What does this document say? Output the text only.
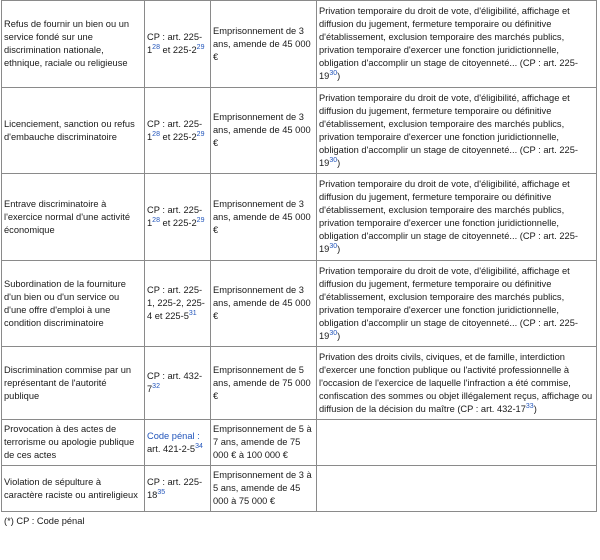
Refus de fournir un bien ou un service fondé sur une discrimination nationale, ethnique, raciale ou religieuse	CP : art. 225-1$^{28}$ et 225-2$^{29}$	Emprisonnement de 3 ans, amende de 45 000 €	Privation temporaire du droit de vote, d'éligibilité, affichage et diffusion du jugement, fermeture temporaire ou définitive d'établissement, exclusion temporaire des marchés publics, privation temporaire d'exercer une fonction juridictionnelle, obligation d'accomplir un stage de citoyenneté... (CP : art. 225-19$^{30}$)
Licenciement, sanction ou refus d'embauche discriminatoire	CP : art. 225-1$^{28}$ et 225-2$^{29}$	Emprisonnement de 3 ans, amende de 45 000 €	Privation temporaire du droit de vote, d'éligibilité, affichage et diffusion du jugement, fermeture temporaire ou définitive d'établissement, exclusion temporaire des marchés publics, privation temporaire d'exercer une fonction juridictionnelle, obligation d'accomplir un stage de citoyenneté... (CP : art. 225-19$^{30}$)
Entrave discriminatoire à l'exercice normal d'une activité économique	CP : art. 225-1$^{28}$ et 225-2$^{29}$	Emprisonnement de 3 ans, amende de 45 000 €	Privation temporaire du droit de vote, d'éligibilité, affichage et diffusion du jugement, fermeture temporaire ou définitive d'établissement, exclusion temporaire des marchés publics, privation temporaire d'exercer une fonction juridictionnelle, obligation d'accomplir un stage de citoyenneté... (CP : art. 225-19$^{30}$)
Subordination de la fourniture d'un bien ou d'un service ou d'une offre d'emploi à une condition discriminatoire	CP : art. 225-1, 225-2, 225-4 et 225-5$^{31}$	Emprisonnement de 3 ans, amende de 45 000 €	Privation temporaire du droit de vote, d'éligibilité, affichage et diffusion du jugement, fermeture temporaire ou définitive d'établissement, exclusion temporaire des marchés publics, privation temporaire d'exercer une fonction juridictionnelle, obligation d'accomplir un stage de citoyenneté... (CP : art. 225-19$^{30}$)
Discrimination commise par un représentant de l'autorité publique	CP : art. 432-7$^{32}$	Emprisonnement de 5 ans, amende de 75 000 €	Privation des droits civils, civiques, et de famille, interdiction d'exercer une fonction publique ou l'activité professionnelle à l'occasion de l'exercice de laquelle l'infraction a été commise, confiscation des sommes ou objet illégalement reçus, affichage ou diffusion de la décision du maître (CP : art. 432-17$^{33}$)
Provocation à des actes de terrorisme ou apologie publique de ces actes	Code pénal : art. 421-2-5$^{34}$	Emprisonnement de 5 à 7 ans, amende de 75 000 € à 100 000 €	
Violation de sépulture à caractère raciste ou antireligieux	CP : art. 225-18$^{35}$	Emprisonnement de 3 à 5 ans, amende de 45 000 à 75 000 €	
(*) CP : Code pénal
